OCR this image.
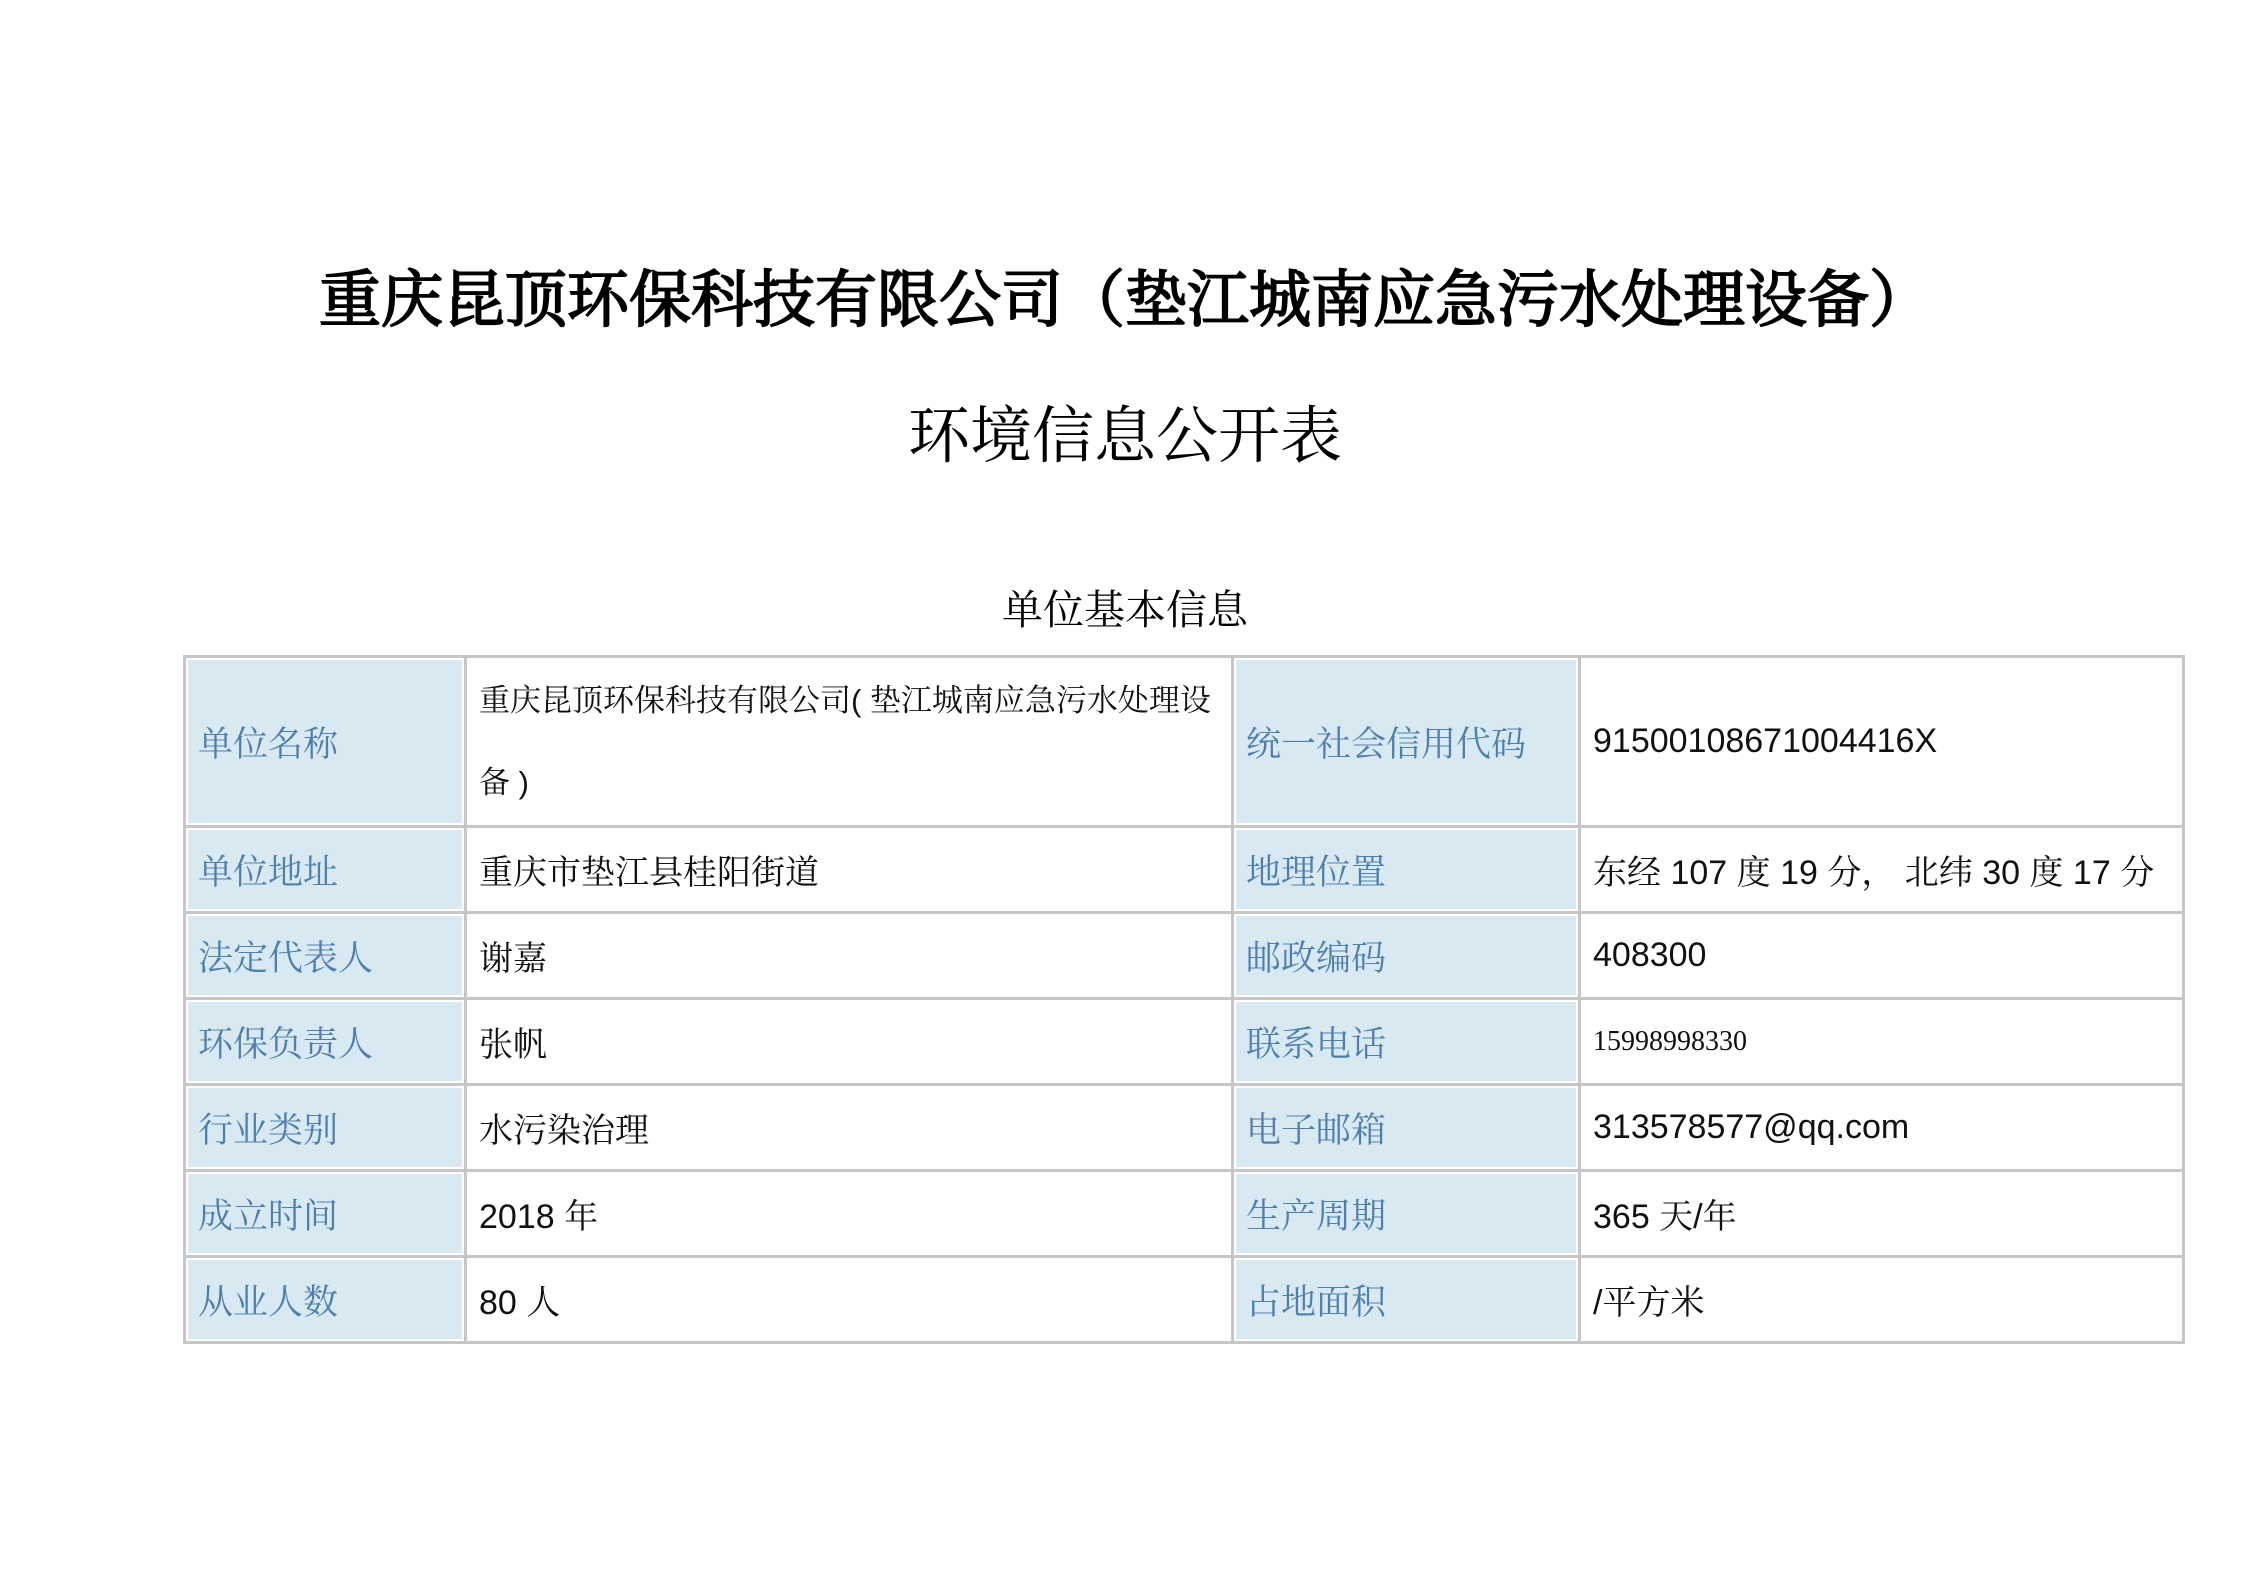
重庆昆顶环保科技有限公司（垫江城南应急污水处理设备）
环境信息公开表
单位基本信息
单位名称	重庆昆顶环保科技有限公司( 垫江城南应急污水处理设备 )	统一社会信用代码	91500108671004416X
单位地址	重庆市垫江县桂阳街道	地理位置	东经 107 度 19 分， 北纬 30 度 17 分
法定代表人	谢嘉	邮政编码	408300
环保负责人	张帆	联系电话	15998998330
行业类别	水污染治理	电子邮箱	313578577@qq.com
成立时间	2018 年	生产周期	365 天/年
从业人数	80 人	占地面积	/平方米
